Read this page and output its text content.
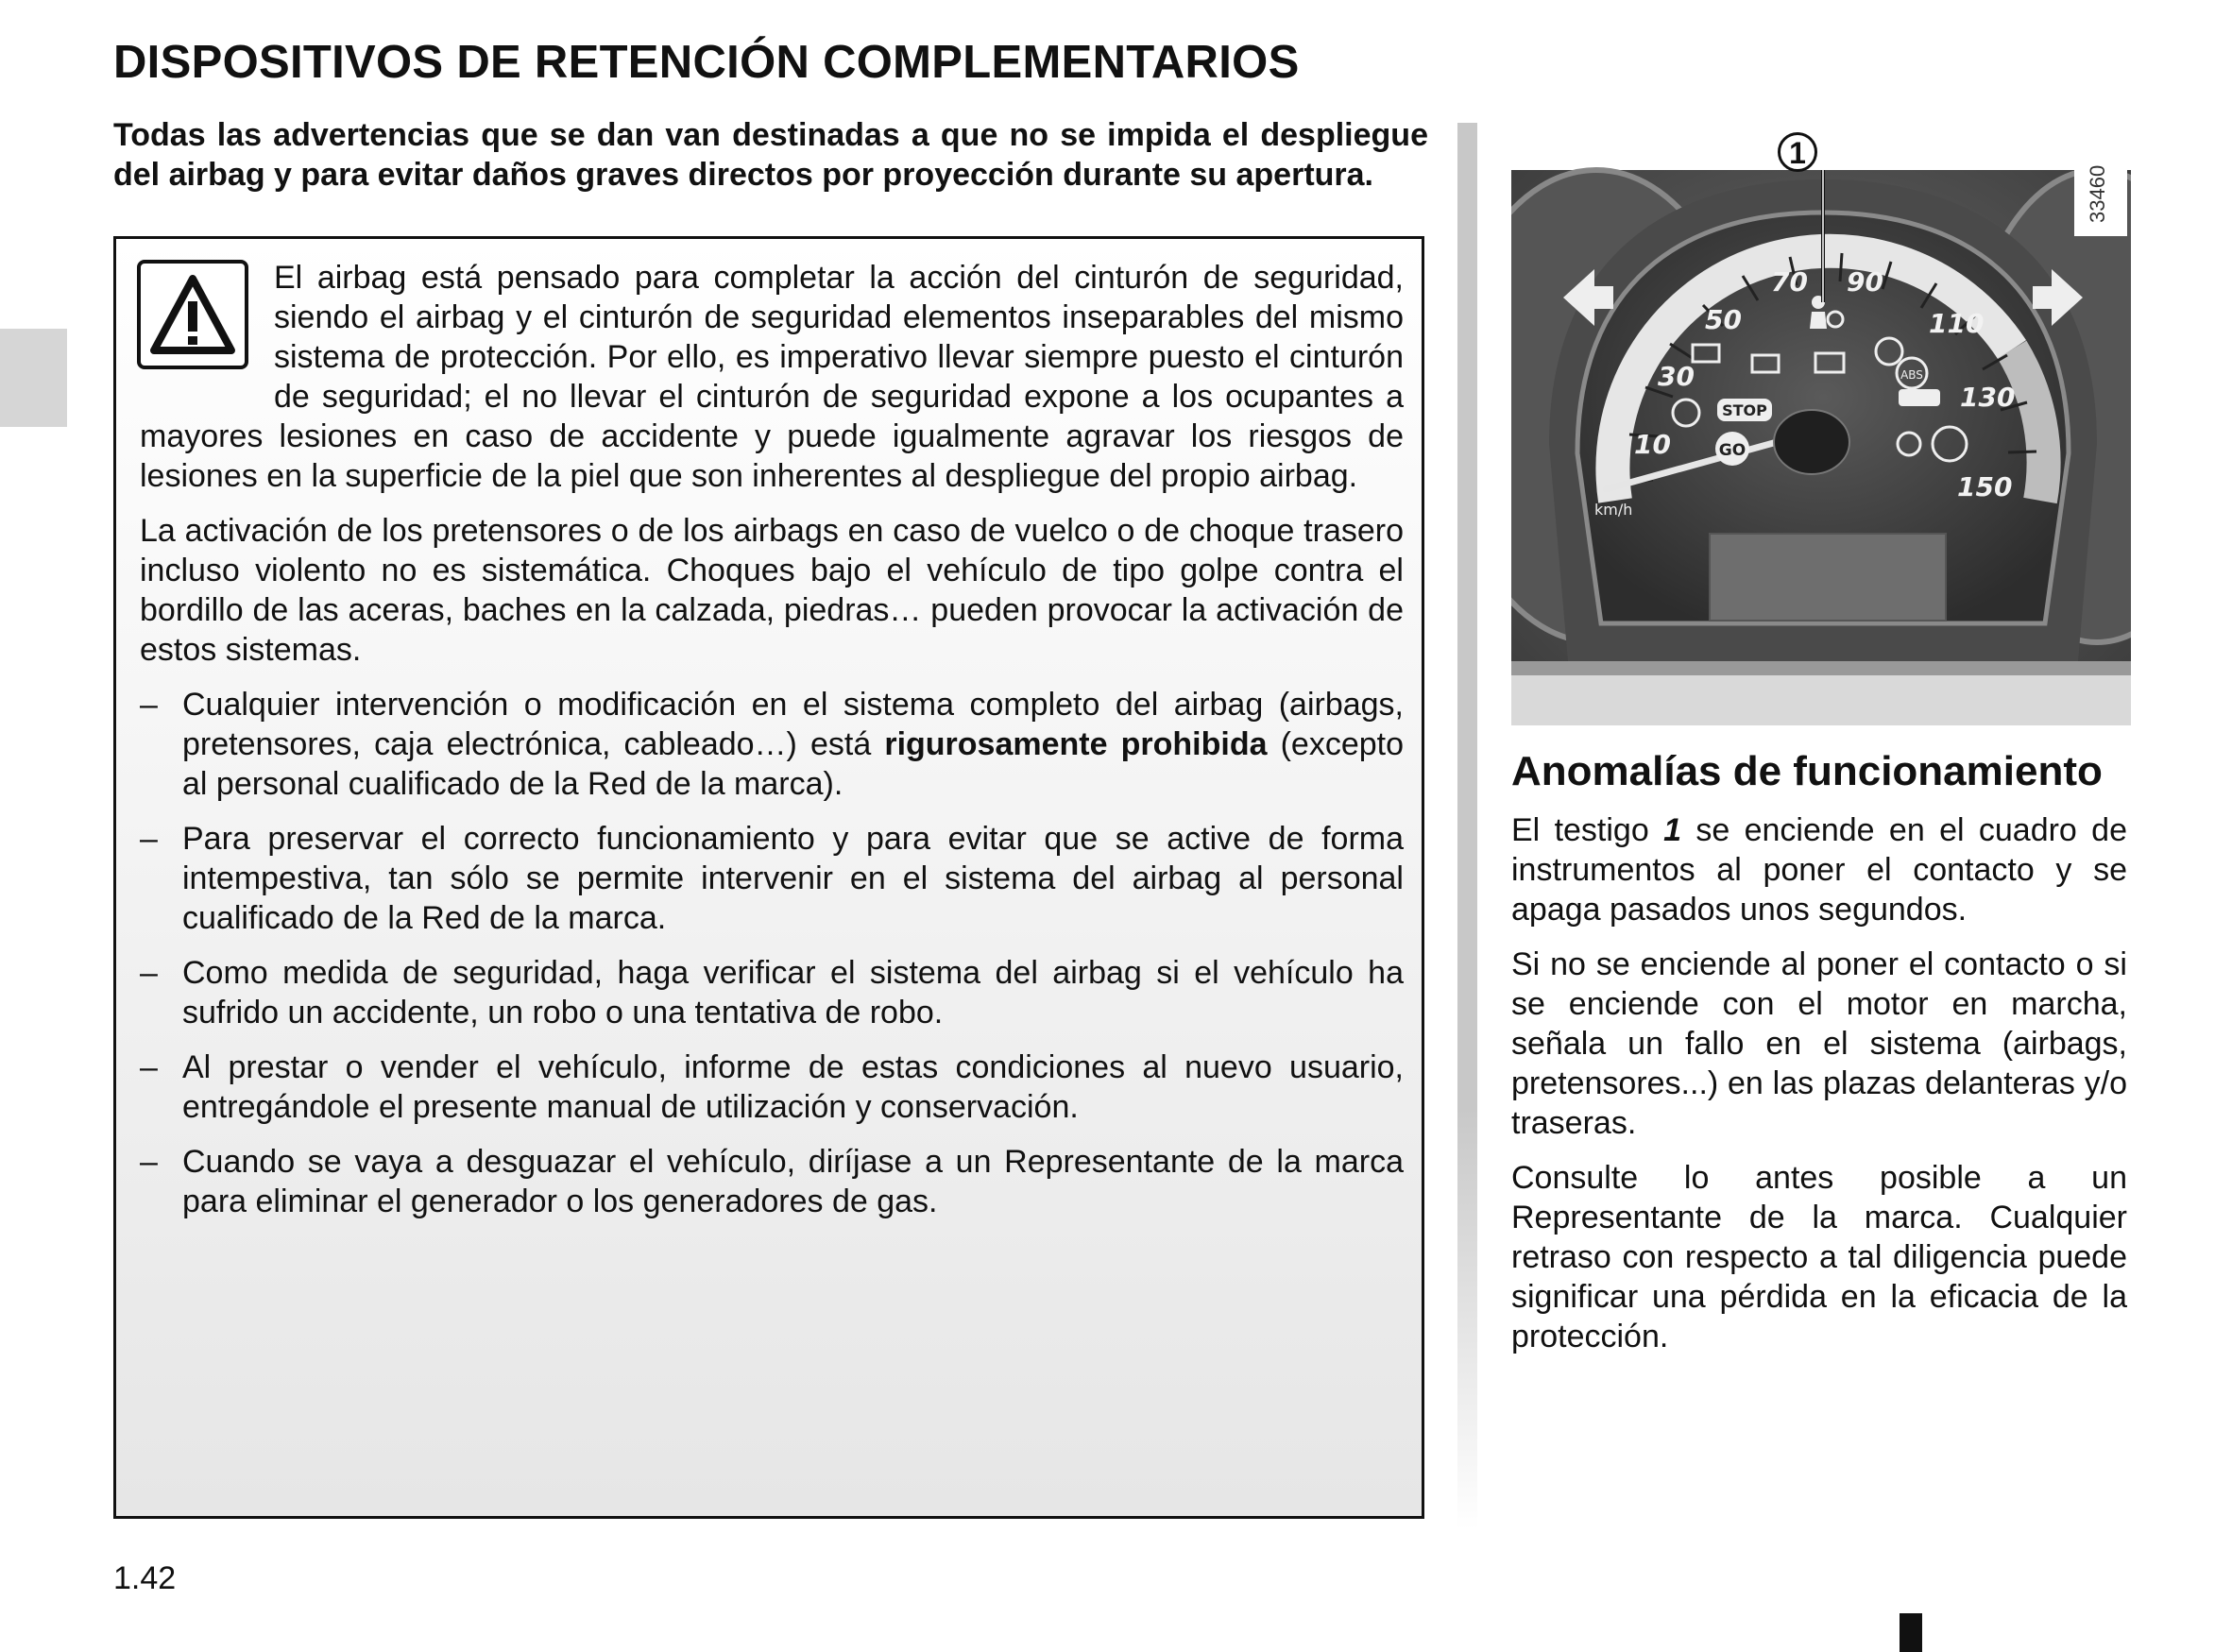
DISPOSITIVOS DE RETENCIÓN COMPLEMENTARIOS

Todas las advertencias que se dan van destinadas a que no se impida el despliegue del airbag y para evitar daños graves directos por proyección durante su apertura.

El airbag está pensado para completar la acción del cinturón de seguridad, siendo el airbag y el cinturón de seguridad elementos inseparables del mismo sistema de protección. Por ello, es imperativo llevar siempre puesto el cinturón de seguridad; el no llevar el cinturón de seguridad expone a los ocupantes a mayores lesiones en caso de accidente y puede igualmente agravar los riesgos de lesiones en la superficie de la piel que son inherentes al despliegue del propio airbag.

La activación de los pretensores o de los airbags en caso de vuelco o de choque trasero incluso violento no es sistemática. Choques bajo el vehículo de tipo golpe contra el bordillo de las aceras, baches en la calzada, piedras… pueden provocar la activación de estos sistemas.

– Cualquier intervención o modificación en el sistema completo del airbag (airbags, pretensores, caja electrónica, cableado…) está rigurosamente prohibida (excepto al personal cualificado de la Red de la marca).
– Para preservar el correcto funcionamiento y para evitar que se active de forma intempestiva, tan sólo se permite intervenir en el sistema del airbag al personal cualificado de la Red de la marca.
– Como medida de seguridad, haga verificar el sistema del airbag si el vehículo ha sufrido un accidente, un robo o una tentativa de robo.
– Al prestar o vender el vehículo, informe de estas condiciones al nuevo usuario, entregándole el presente manual de utilización y conservación.
– Cuando se vaya a desguazar el vehículo, diríjase a un Representante de la marca para eliminar el generador o los generadores de gas.
10
30
50
70 90
110
130
150
km/h
STOP
GO
ABS
1
33460
Anomalías de funcionamiento

El testigo 1 se enciende en el cuadro de instrumentos al poner el contacto y se apaga pasados unos segundos.

Si no se enciende al poner el contacto o si se enciende con el motor en marcha, señala un fallo en el sistema (airbags, pretensores...) en las plazas delanteras y/o traseras.

Consulte lo antes posible a un Representante de la marca. Cualquier retraso con respecto a tal diligencia puede significar una pérdida en la eficacia de la protección.

1.42
